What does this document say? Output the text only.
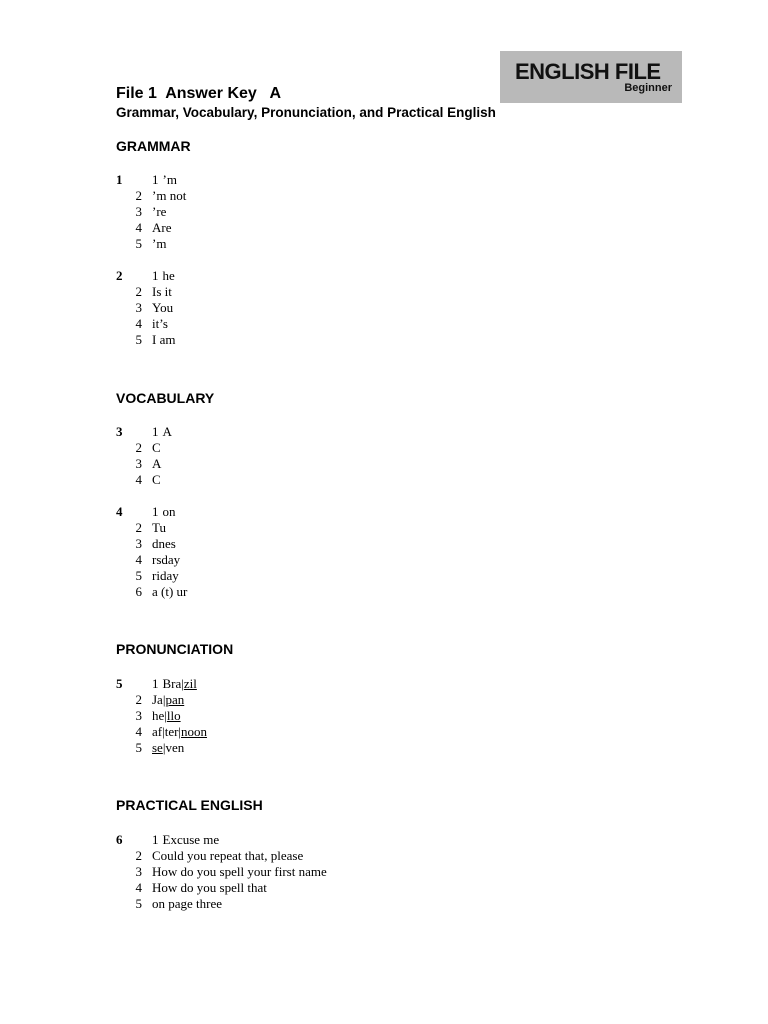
ENGLISH FILE
Beginner
File 1  Answer Key   A
Grammar, Vocabulary, Pronunciation, and Practical English
GRAMMAR
VOCABULARY
PRONUNCIATION
PRACTICAL ENGLISH
1	1 ’m
2 ’m not
3 ’re
4 Are
5 ’m
2	1 he
2 Is it
3 You
4 it’s
5 I am
3	1 A
2 C
3 A
4 C
4	1 on
2 Tu
3 dnes
4 rsday
5 riday
6 a (t) ur
5	1 Bra|zil
2 Ja|pan
3 he|llo
4 af|ter|noon
5 se|ven
6	1 Excuse me
2 Could you repeat that, please
3 How do you spell your first name
4 How do you spell that
5 on page three
